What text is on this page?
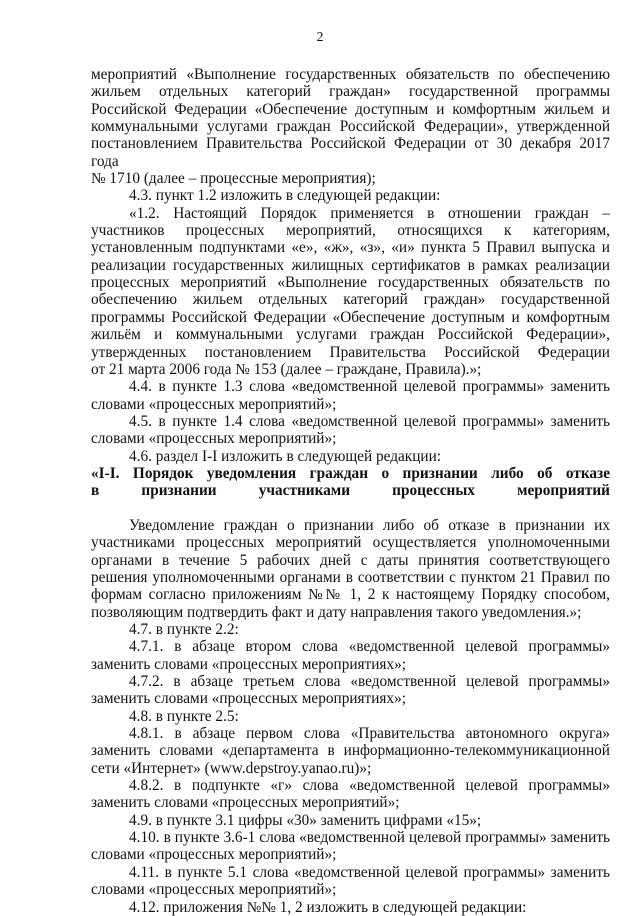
2

мероприятий «Выполнение государственных обязательств по обеспечению

жильем отдельных категорий граждан» государственной программы

Российской Федерации «Обеспечение доступным и комфортным жильем и

коммунальными услугами граждан Российской Федерации», утвержденной

постановлением Правительства Российской Федерации от 30 декабря 2017 года

№ 1710 (далее – процессные мероприятия);

4.3. пункт 1.2 изложить в следующей редакции:

«1.2. Настоящий Порядок применяется в отношении граждан –

участников процессных мероприятий, относящихся к категориям,

установленным подпунктами «е», «ж», «з», «и» пункта 5 Правил выпуска и

реализации государственных жилищных сертификатов в рамках реализации

процессных мероприятий «Выполнение государственных обязательств по

обеспечению жильем отдельных категорий граждан» государственной

программы Российской Федерации «Обеспечение доступным и комфортным

жильём и коммунальными услугами граждан Российской Федерации»,

утвержденных постановлением Правительства Российской Федерации

от 21 марта 2006 года № 153 (далее – граждане, Правила).»;

4.4. в пункте 1.3 слова «ведомственной целевой программы» заменить

словами «процессных мероприятий»;

4.5. в пункте 1.4 слова «ведомственной целевой программы» заменить

словами «процессных мероприятий»;

4.6. раздел I-I изложить в следующей редакции:

«I-I. Порядок уведомления граждан о признании либо об отказе

в признании участниками процессных мероприятий

Уведомление граждан о признании либо об отказе в признании их

участниками процессных мероприятий осуществляется уполномоченными

органами в течение 5 рабочих дней с даты принятия соответствующего

решения уполномоченными органами в соответствии с пунктом 21 Правил по

формам согласно приложениям №№ 1, 2 к настоящему Порядку способом,

позволяющим подтвердить факт и дату направления такого уведомления.»;

4.7. в пункте 2.2:

4.7.1. в абзаце втором слова «ведомственной целевой программы»

заменить словами «процессных мероприятиях»;

4.7.2. в абзаце третьем слова «ведомственной целевой программы»

заменить словами «процессных мероприятиях»;

4.8. в пункте 2.5:

4.8.1. в абзаце первом слова «Правительства автономного округа»

заменить словами «департамента в информационно-телекоммуникационной

сети «Интернет» (www.depstroy.yanao.ru)»;

4.8.2. в подпункте «г» слова «ведомственной целевой программы»

заменить словами «процессных мероприятий»;

4.9. в пункте 3.1 цифры «30» заменить цифрами «15»;

4.10. в пункте 3.6-1 слова «ведомственной целевой программы» заменить

словами «процессных мероприятий»;

4.11. в пункте 5.1 слова «ведомственной целевой программы» заменить

словами «процессных мероприятий»;

4.12. приложения №№ 1, 2 изложить в следующей редакции:
